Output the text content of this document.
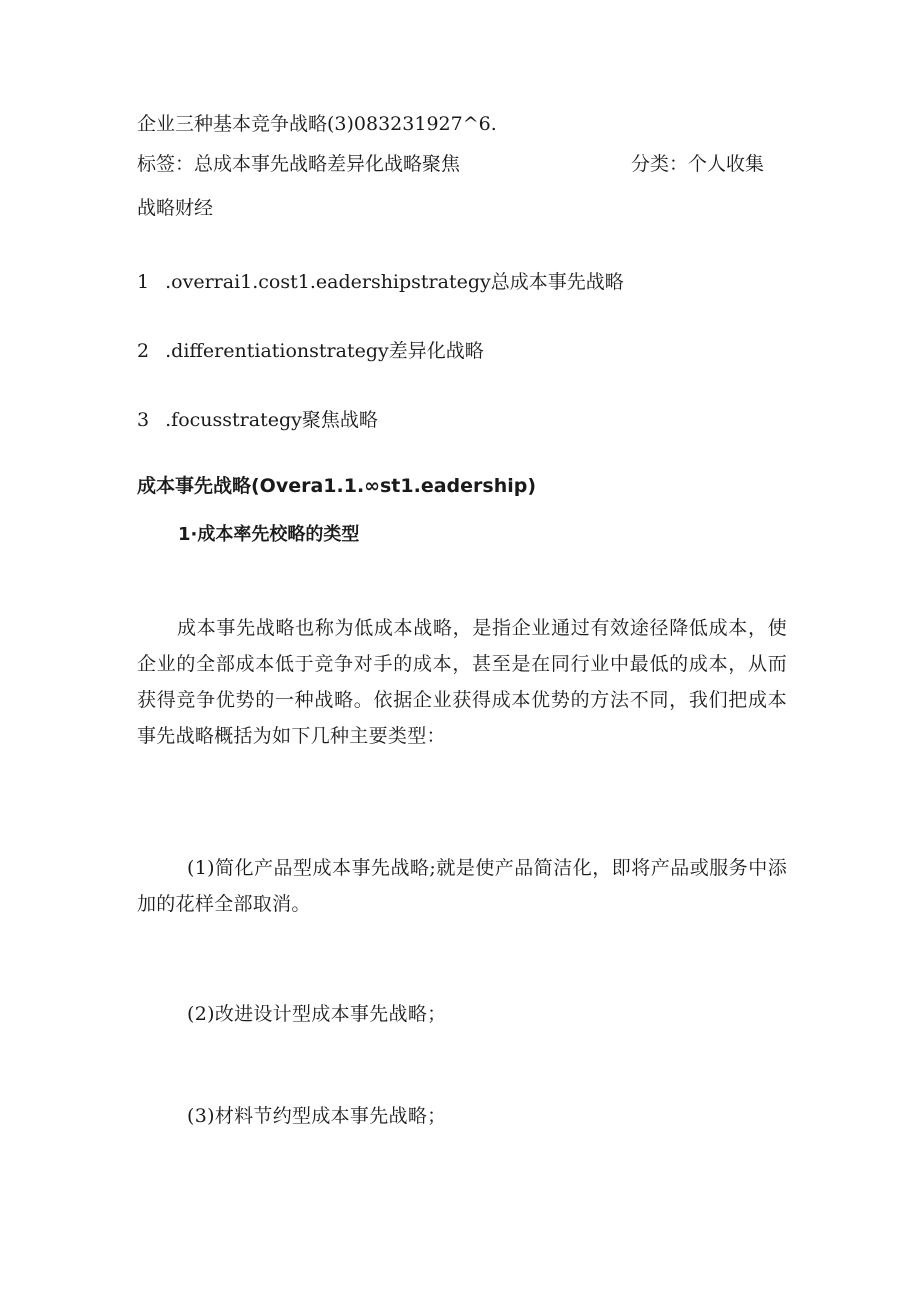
企业三种基本竞争战略(3)083231927^6.
标签：总成本事先战略差异化战略聚焦	分类：个人收集
战略财经
1 .overrai1.cost1.eadershipstrategy总成本事先战略
2 .differentiationstrategy差异化战略
3 .focusstrategy聚焦战略
成本事先战略(Overa1.1.∞st1.eadership)
1·成本率先校略的类型
成本事先战略也称为低成本战略，是指企业通过有效途径降低成本，使企业的全部成本低于竞争对手的成本，甚至是在同行业中最低的成本，从而获得竞争优势的一种战略。依据企业获得成本优势的方法不同，我们把成本事先战略概括为如下几种主要类型：
(1)简化产品型成本事先战略;就是使产品简洁化，即将产品或服务中添加的花样全部取消。
(2)改进设计型成本事先战略；
(3)材料节约型成本事先战略；
